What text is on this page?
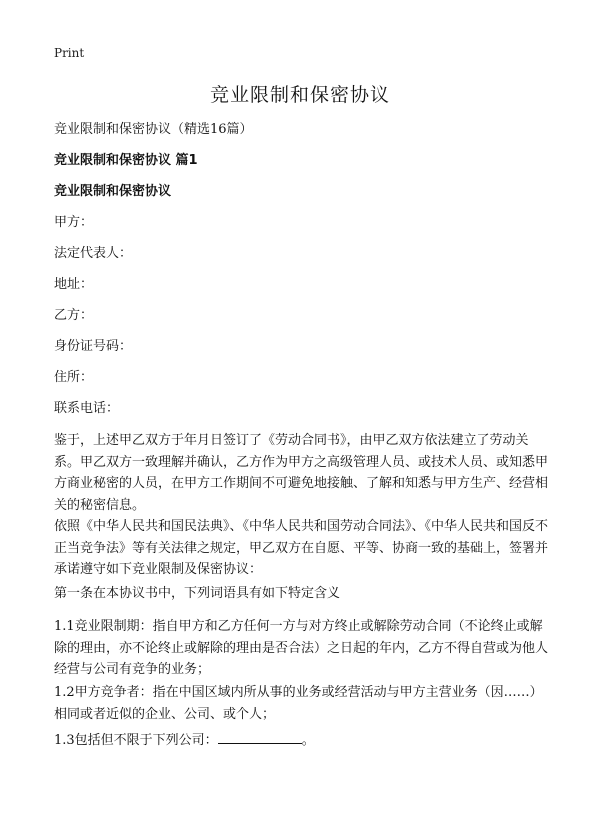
Print
竞业限制和保密协议
竞业限制和保密协议（精选16篇）
竞业限制和保密协议 篇1
竞业限制和保密协议
甲方：
法定代表人：
地址：
乙方：
身份证号码：
住所：
联系电话：
鉴于，上述甲乙双方于年月日签订了《劳动合同书》，由甲乙双方依法建立了劳动关系。甲乙双方一致理解并确认，乙方作为甲方之高级管理人员、或技术人员、或知悉甲方商业秘密的人员，在甲方工作期间不可避免地接触、了解和知悉与甲方生产、经营相关的秘密信息。
依照《中华人民共和国民法典》、《中华人民共和国劳动合同法》、《中华人民共和国反不正当竞争法》等有关法律之规定，甲乙双方在自愿、平等、协商一致的基础上，签署并承诺遵守如下竞业限制及保密协议：
第一条在本协议书中，下列词语具有如下特定含义
1.1竞业限制期：指自甲方和乙方任何一方与对方终止或解除劳动合同（不论终止或解除的理由，亦不论终止或解除的理由是否合法）之日起的年内，乙方不得自营或为他人经营与公司有竞争的业务；
1.2甲方竞争者：指在中国区域内所从事的业务或经营活动与甲方主营业务（因……）相同或者近似的企业、公司、或个人；
1.3包括但不限于下列公司：	。
